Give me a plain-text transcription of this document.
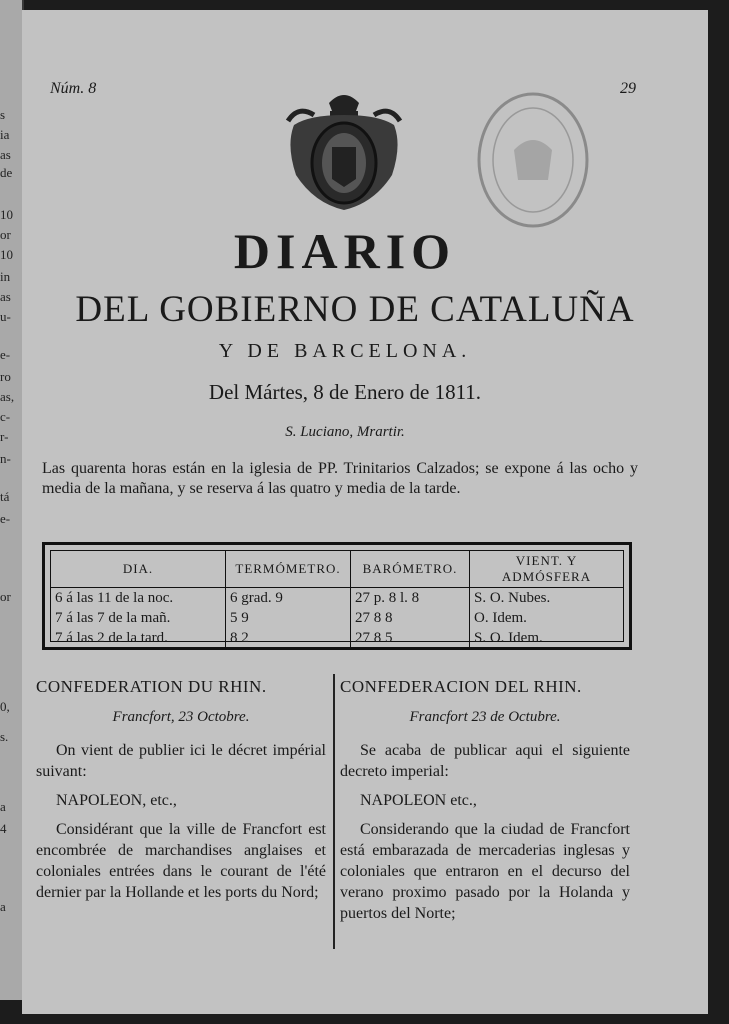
s
ia
as
de
10
or
10
in
as
u-
e-
ro
as,
c-
r-
n-
tá
e-
or
0,
s.
a
4
a
Núm. 8	29
DIARIO
DEL GOBIERNO DE CATALUÑA
Y DE BARCELONA.
Del Mártes, 8 de Enero de 1811.
S. Luciano, Mrartir.
Las quarenta horas están en la iglesia de PP. Trinitarios Calzados; se expone á las ocho y media de la mañana, y se reserva á las quatro y media de la tarde.
DIA.	TERMÓMETRO.	BARÓMETRO.	VIENT. Y ADMÓSFERA
6 á las 11 de la noc.	6 grad. 9	27 p. 8 l. 8	S. O. Nubes.
7 á las 7 de la mañ.	5 9	27 8 8	O. Idem.
7 á las 2 de la tard.	8 2	27 8 5	S. O. Idem.
CONFEDERATION DU RHIN.
Francfort, 23 Octobre.
On vient de publier ici le décret impérial suivant:
NAPOLEON, etc.,
Considérant que la ville de Francfort est encombrée de marchandises anglaises et coloniales entrées dans le courant de l'été dernier par la Hollande et les ports du Nord;
CONFEDERACION DEL RHIN.
Francfort 23 de Octubre.
Se acaba de publicar aqui el siguiente decreto imperial:
NAPOLEON etc.,
Considerando que la ciudad de Francfort está embarazada de mercaderias inglesas y coloniales que entraron en el decurso del verano proximo pasado por la Holanda y puertos del Norte;
